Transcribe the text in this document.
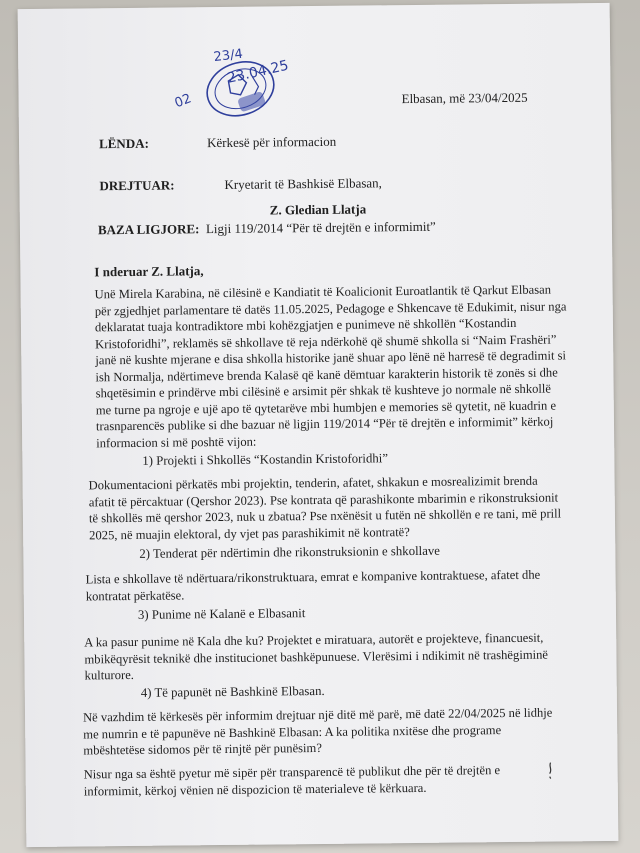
23/4
02
23.04.25
Elbasan, më 23/04/2025
LËNDA:	Kërkesë për informacion
DREJTUAR:	Kryetarit të Bashkisë Elbasan,
Z. Gledian Llatja
BAZA LIGJORE: Ligji 119/2014 “Për të drejtën e informimit”
I nderuar Z. Llatja,
Unë Mirela Karabina, në cilësinë e Kandiatit të Koalicionit Euroatlantik të Qarkut Elbasan
për zgjedhjet parlamentare të datës 11.05.2025, Pedagoge e Shkencave të Edukimit, nisur nga
deklaratat tuaja kontradiktore mbi kohëzgjatjen e punimeve në shkollën “Kostandin
Kristoforidhi”, reklamës së shkollave të reja ndërkohë që shumë shkolla si “Naim Frashëri”
janë në kushte mjerane e disa shkolla historike janë shuar apo lënë në harresë të degradimit si
ish Normalja, ndërtimeve brenda Kalasë që kanë dëmtuar karakterin historik të zonës si dhe
shqetësimin e prindërve mbi cilësinë e arsimit për shkak të kushteve jo normale në shkollë
me turne pa ngroje e ujë apo të qytetarëve mbi humbjen e memories së qytetit, në kuadrin e
trasnparencës publike si dhe bazuar në ligjin 119/2014 “Për të drejtën e informimit” kërkoj
informacion si më poshtë vijon:
1) Projekti i Shkollës “Kostandin Kristoforidhi”
Dokumentacioni përkatës mbi projektin, tenderin, afatet, shkakun e mosrealizimit brenda
afatit të përcaktuar (Qershor 2023). Pse kontrata që parashikonte mbarimin e rikonstruksionit
të shkollës më qershor 2023, nuk u zbatua? Pse nxënësit u futën në shkollën e re tani, më prill
2025, në muajin elektoral, dy vjet pas parashikimit në kontratë?
2) Tenderat për ndërtimin dhe rikonstruksionin e shkollave
Lista e shkollave të ndërtuara/rikonstruktuara, emrat e kompanive kontraktuese, afatet dhe
kontratat përkatëse.
3) Punime në Kalanë e Elbasanit
A ka pasur punime në Kala dhe ku? Projektet e miratuara, autorët e projekteve, financuesit,
mbikëqyrësit teknikë dhe institucionet bashkëpunuese. Vlerësimi i ndikimit në trashëgiminë
kulturore.
4) Të papunët në Bashkinë Elbasan.
Në vazhdim të kërkesës për informim drejtuar një ditë më parë, më datë 22/04/2025 në lidhje
me numrin e të papunëve në Bashkinë Elbasan: A ka politika nxitëse dhe programe
mbështetëse sidomos për të rinjtë për punësim?
Nisur nga sa është pyetur më sipër për transparencë të publikut dhe për të drejtën e
informimit, kërkoj vënien në dispozicion të materialeve të kërkuara.
